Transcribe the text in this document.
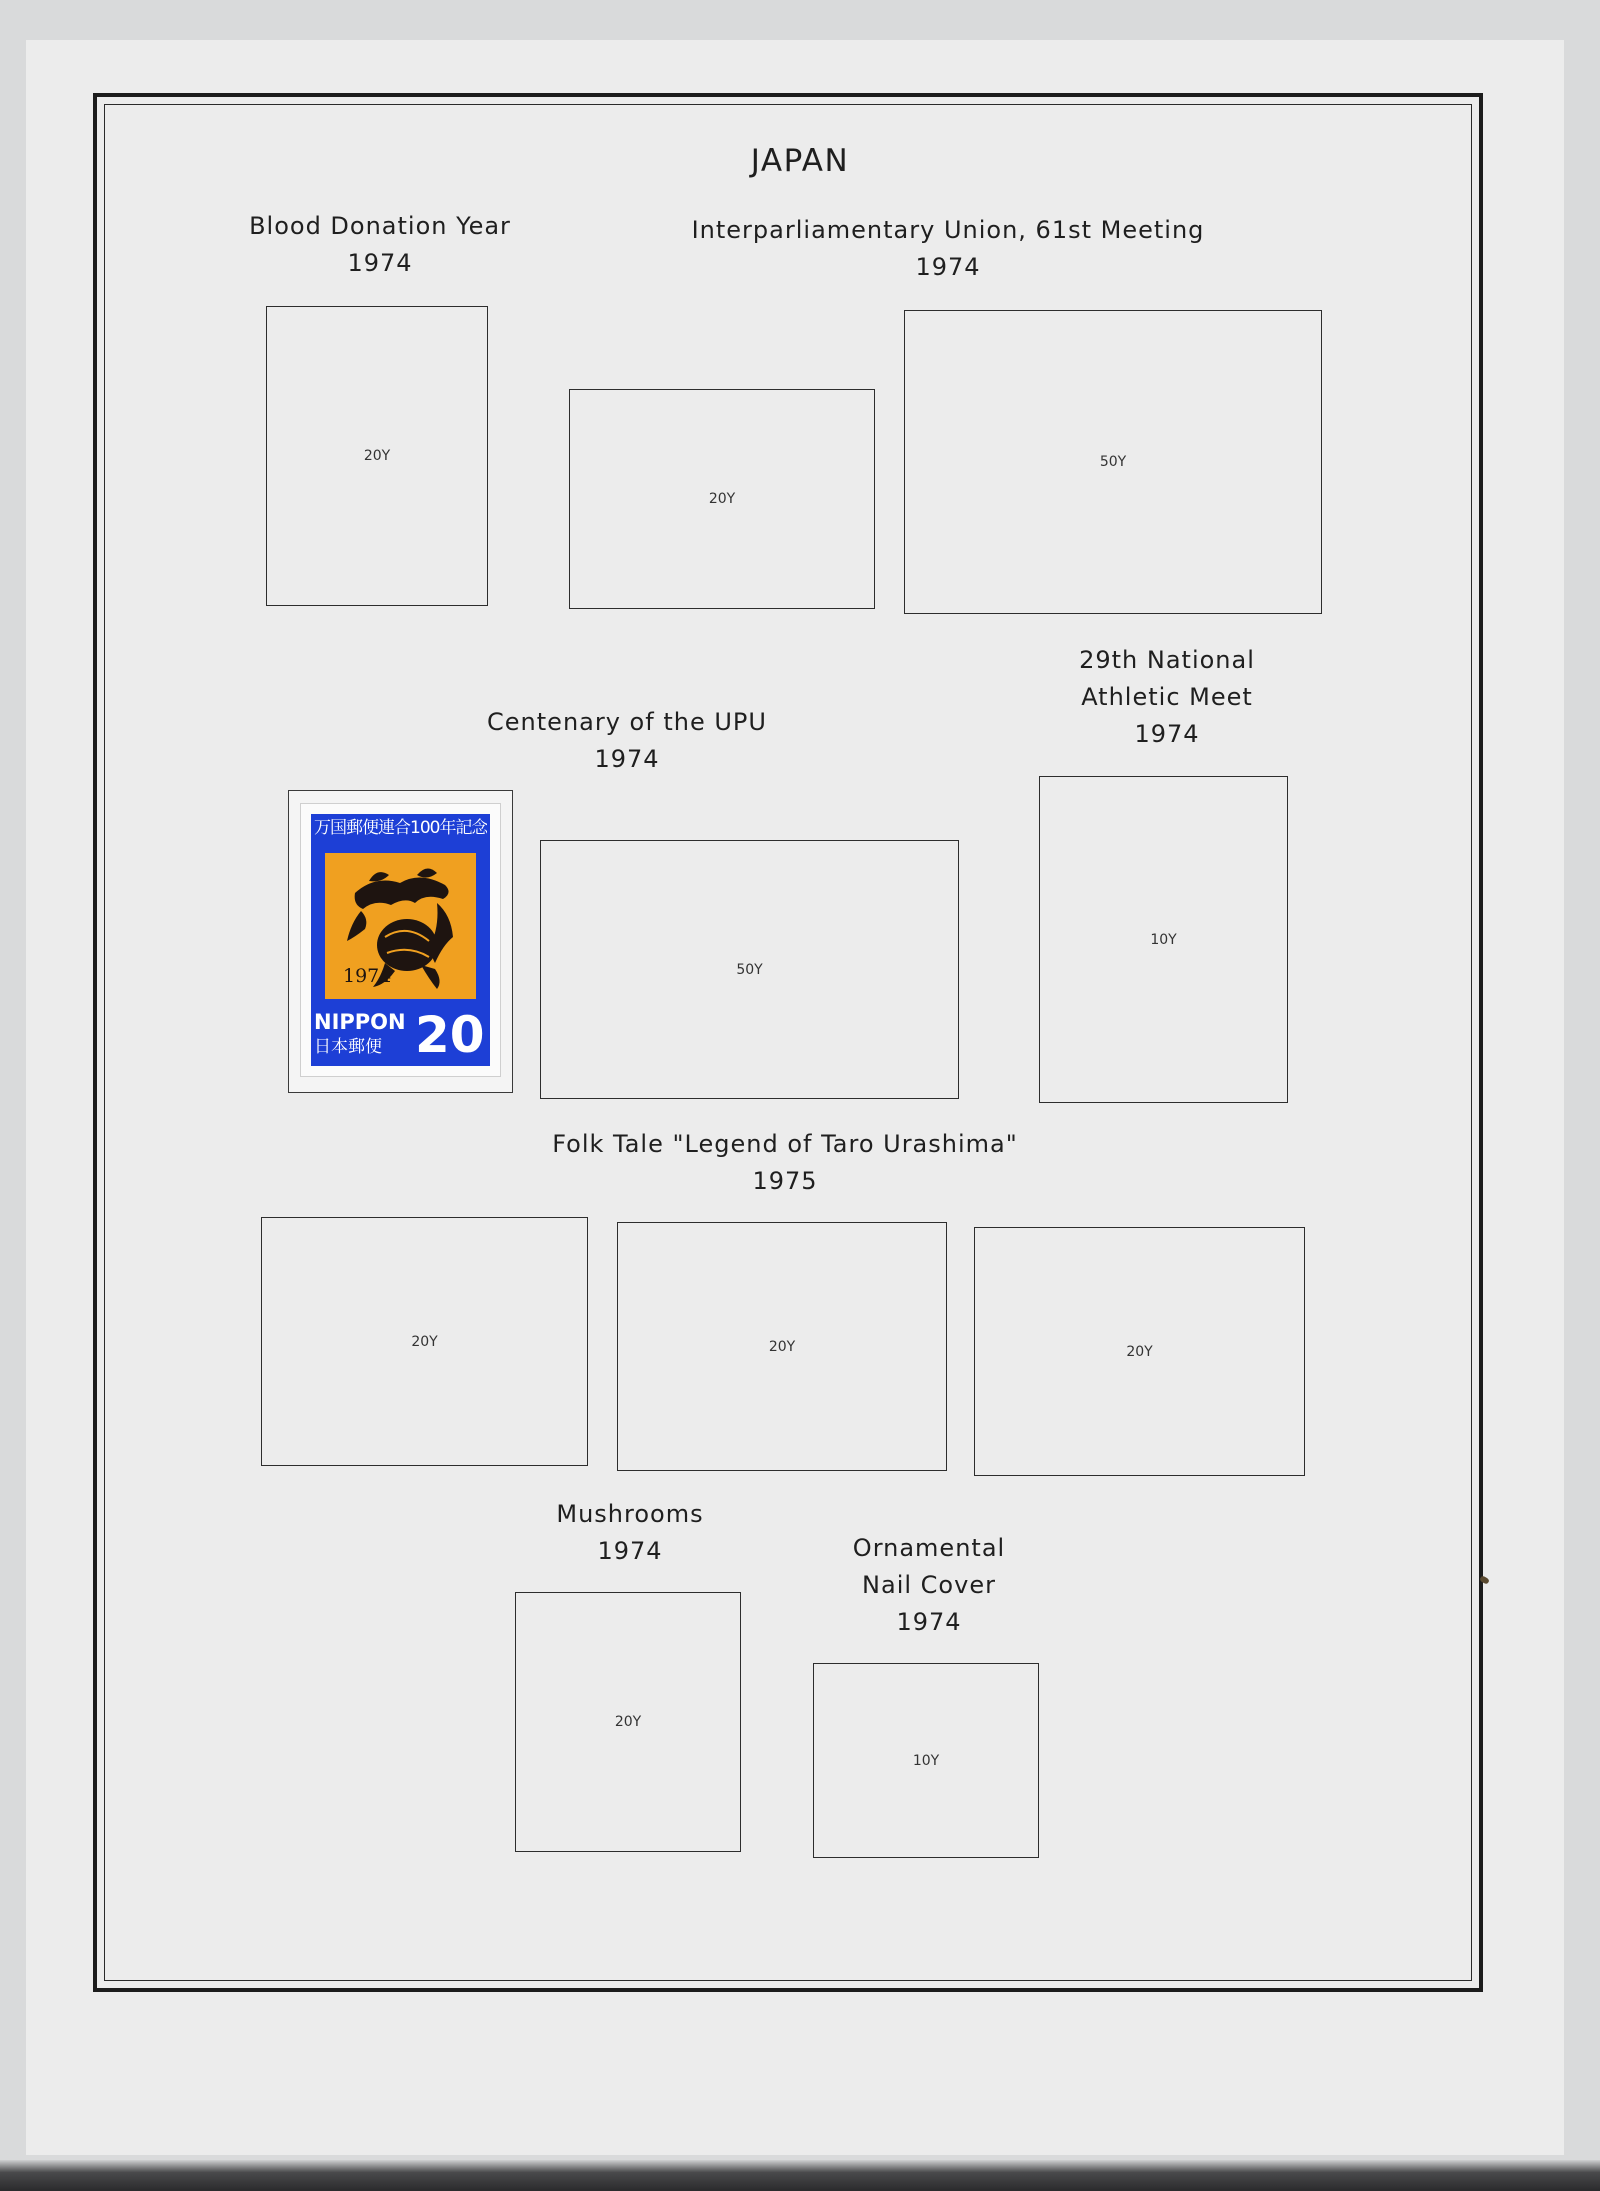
JAPAN
Blood Donation Year
1974
20Y
Interparliamentary Union, 61st Meeting
1974
20Y
50Y
Centenary of the UPU
1974
万国郵便連合100年記念
1974
NIPPON
日本郵便 20
50Y
29th National
Athletic Meet
1974
10Y
Folk Tale "Legend of Taro Urashima"
1975
20Y	20Y	20Y
Mushrooms
1974
20Y
Ornamental
Nail Cover
1974
10Y
